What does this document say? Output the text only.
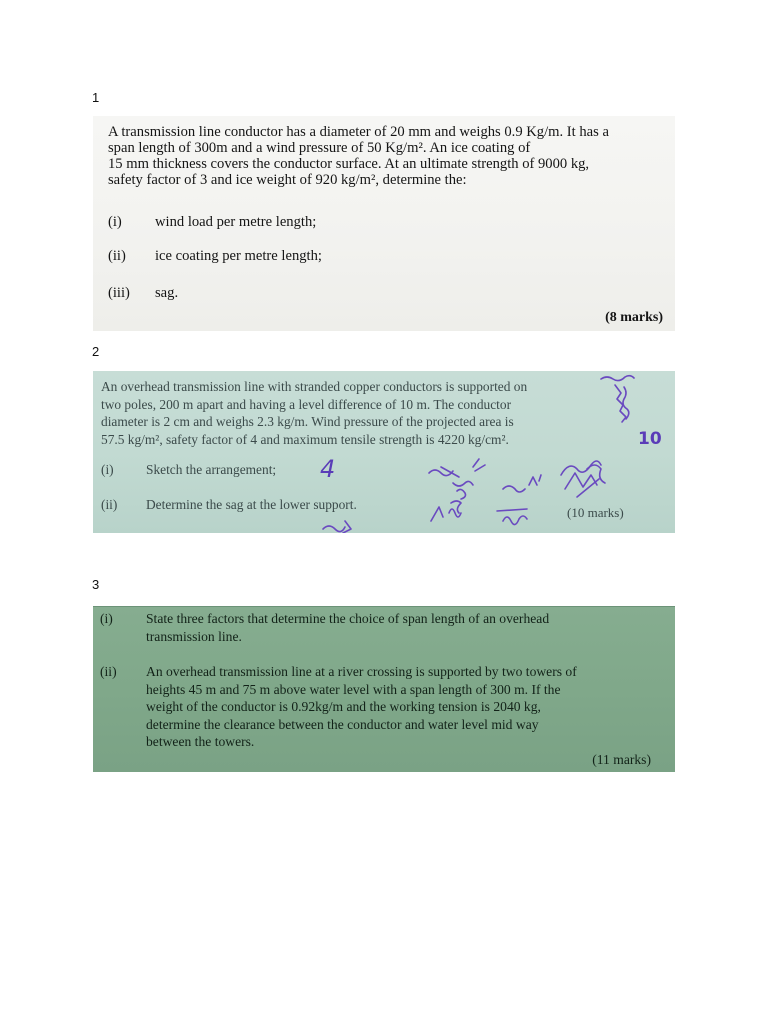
1
A transmission line conductor has a diameter of 20 mm and weighs 0.9 Kg/m. It has a
span length of 300m and a wind pressure of 50 Kg/m². An ice coating of
15 mm thickness covers the conductor surface. At an ultimate strength of 9000 kg,
safety factor of 3 and ice weight of 920 kg/m², determine the:
(i) wind load per metre length;
(ii) ice coating per metre length;
(iii) sag.
(8 marks)
2
An overhead transmission line with stranded copper conductors is supported on
two poles, 200 m apart and having a level difference of 10 m. The conductor
diameter is 2 cm and weighs 2.3 kg/m. Wind pressure of the projected area is
57.5 kg/m², safety factor of 4 and maximum tensile strength is 4220 kg/cm².
(i) Sketch the arrangement;
(ii) Determine the sag at the lower support.
(10 marks)
4
10
3
(i)	State three factors that determine the choice of span length of an overhead
transmission line.
(ii)	An overhead transmission line at a river crossing is supported by two towers of
heights 45 m and 75 m above water level with a span length of 300 m. If the
weight of the conductor is 0.92kg/m and the working tension is 2040 kg,
determine the clearance between the conductor and water level mid way
between the towers.
(11 marks)
